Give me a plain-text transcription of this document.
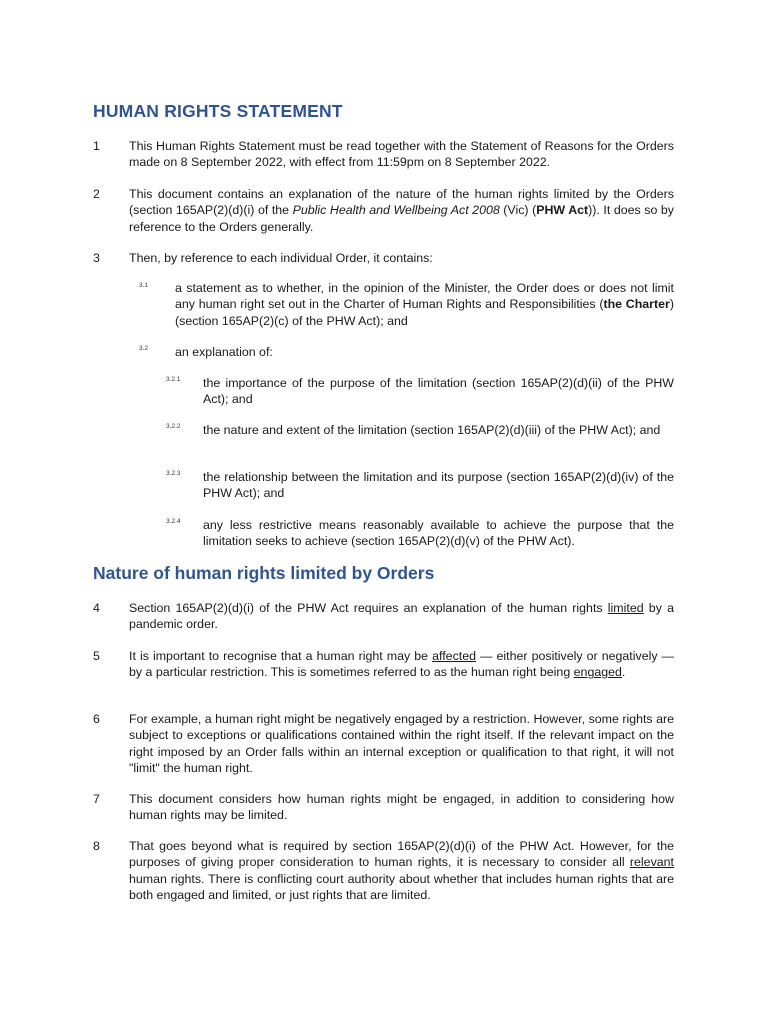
HUMAN RIGHTS STATEMENT
1 This Human Rights Statement must be read together with the Statement of Reasons for the Orders made on 8 September 2022, with effect from 11:59pm on 8 September 2022.
2 This document contains an explanation of the nature of the human rights limited by the Orders (section 165AP(2)(d)(i) of the Public Health and Wellbeing Act 2008 (Vic) (PHW Act)). It does so by reference to the Orders generally.
3 Then, by reference to each individual Order, it contains:
3.1 a statement as to whether, in the opinion of the Minister, the Order does or does not limit any human right set out in the Charter of Human Rights and Responsibilities (the Charter) (section 165AP(2)(c) of the PHW Act); and
3.2 an explanation of:
3.2.1 the importance of the purpose of the limitation (section 165AP(2)(d)(ii) of the PHW Act); and
3.2.2 the nature and extent of the limitation (section 165AP(2)(d)(iii) of the PHW Act); and
3.2.3 the relationship between the limitation and its purpose (section 165AP(2)(d)(iv) of the PHW Act); and
3.2.4 any less restrictive means reasonably available to achieve the purpose that the limitation seeks to achieve (section 165AP(2)(d)(v) of the PHW Act).
Nature of human rights limited by Orders
4 Section 165AP(2)(d)(i) of the PHW Act requires an explanation of the human rights limited by a pandemic order.
5 It is important to recognise that a human right may be affected — either positively or negatively — by a particular restriction. This is sometimes referred to as the human right being engaged.
6 For example, a human right might be negatively engaged by a restriction. However, some rights are subject to exceptions or qualifications contained within the right itself. If the relevant impact on the right imposed by an Order falls within an internal exception or qualification to that right, it will not "limit" the human right.
7 This document considers how human rights might be engaged, in addition to considering how human rights may be limited.
8 That goes beyond what is required by section 165AP(2)(d)(i) of the PHW Act. However, for the purposes of giving proper consideration to human rights, it is necessary to consider all relevant human rights. There is conflicting court authority about whether that includes human rights that are both engaged and limited, or just rights that are limited.
